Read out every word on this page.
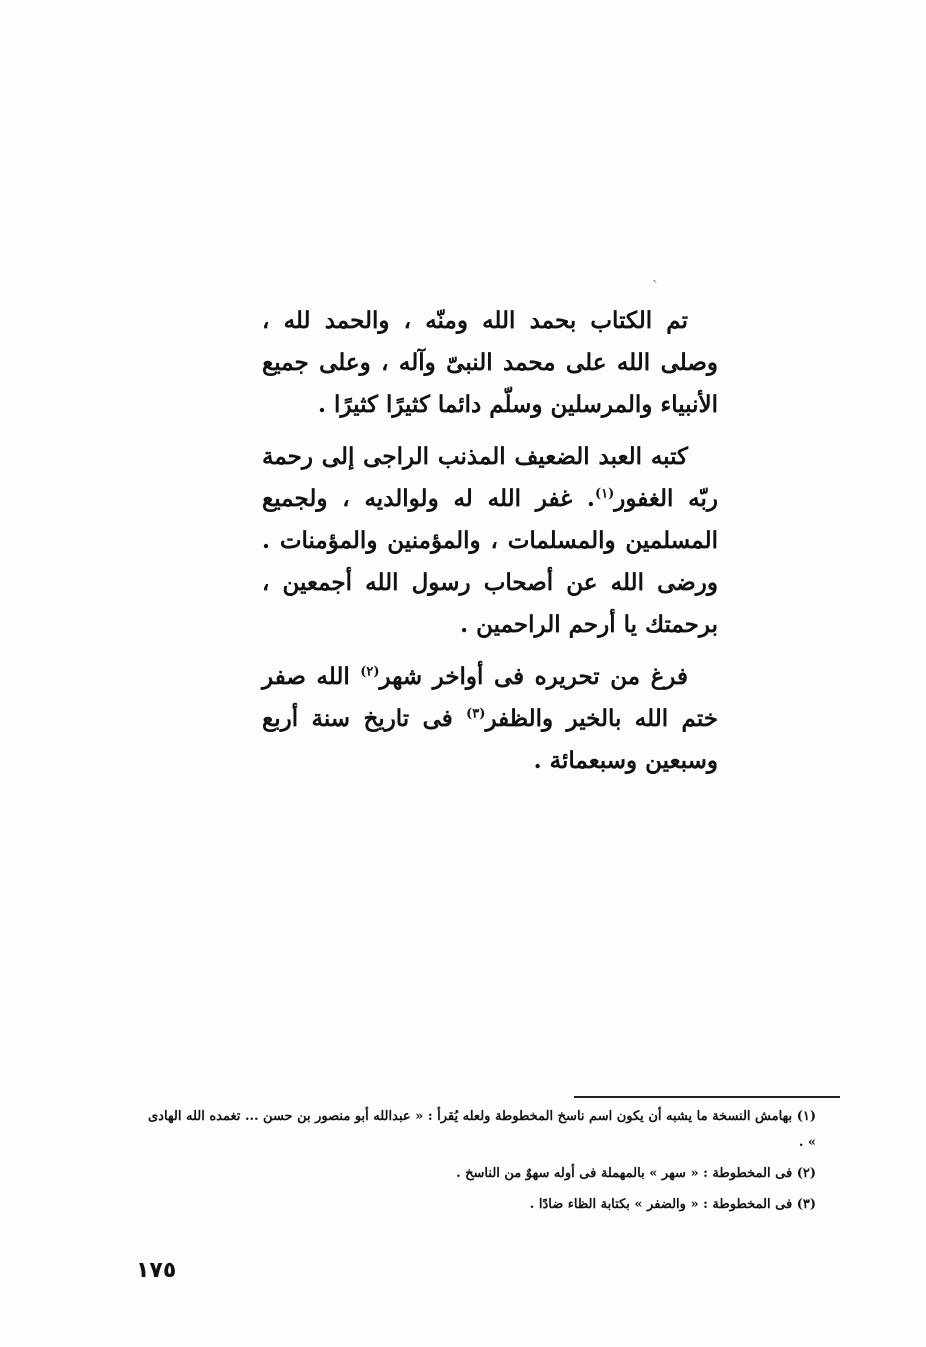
ˎ

تم الكتاب بحمد الله ومنّه ، والحمد لله ، وصلى الله على محمد النبىّ وآله ، وعلى جميع الأنبياء والمرسلين وسلّم دائما كثيرًا كثيرًا .

كتبه العبد الضعيف المذنب الراجى إلى رحمة ربّه الغفور$^{(١)}$. غفر الله له ولوالديه ، ولجميع المسلمين والمسلمات ، والمؤمنين والمؤمنات . ورضى الله عن أصحاب رسول الله أجمعين ، برحمتك يا أرحم الراحمين .

فرغ من تحريره فى أواخر شهر$^{(٢)}$ الله صفر ختم الله بالخير والظفر$^{(٣)}$ فى تاريخ سنة أربع وسبعين وسبعمائة .

(١) بهامش النسخة ما يشبه أن يكون اسم ناسخ المخطوطة ولعله يُقرأ : « عبدالله أبو منصور بن حسن ... تغمده الله الهادى » .

(٢) فى المخطوطة : « سهر » بالمهملة فى أوله سهوٌ من الناسخ .

(٣) فى المخطوطة : « والضفر » بكتابة الظاء ضادًا .

١٧٥
